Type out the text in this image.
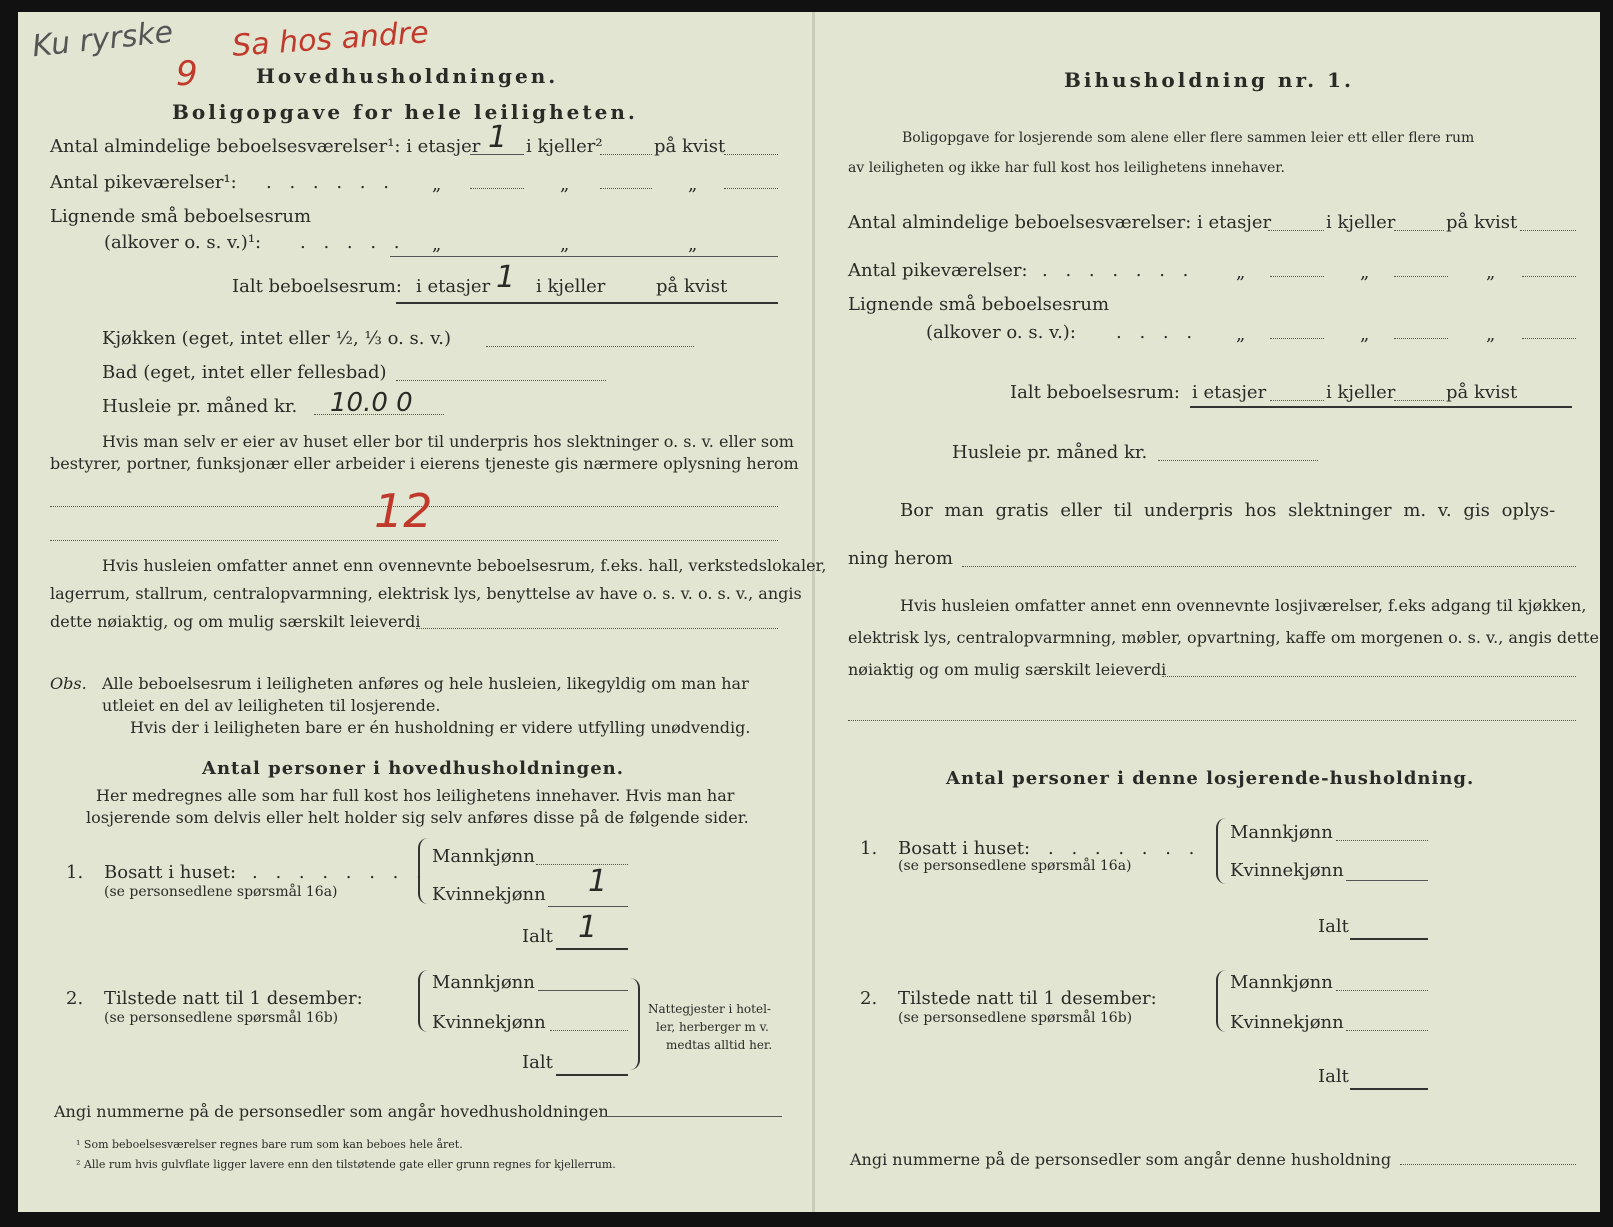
Ku ryrske Sa hos andre
9	Hovedhusholdningen.
Boligopgave for hele leiligheten.
Antal almindelige beboelsesværelser¹: i etasjer 1 i kjeller²	på kvist
Antal pikeværelser¹: . . . . . . „	„	„
Lignende små beboelsesrum
(alkover o. s. v.)¹: . . . . . „	„	„
Ialt beboelsesrum: i etasjer 1 i kjeller	på kvist
Kjøkken (eget, intet eller ½, ⅓ o. s. v.)
Bad (eget, intet eller fellesbad)
Husleie pr. måned kr. 10.0 0
Hvis man selv er eier av huset eller bor til underpris hos slektninger o. s. v. eller som
bestyrer, portner, funksjonær eller arbeider i eierens tjeneste gis nærmere oplysning herom
12
Hvis husleien omfatter annet enn ovennevnte beboelsesrum, f.eks. hall, verkstedslokaler,
lagerrum, stallrum, centralopvarmning, elektrisk lys, benyttelse av have o. s. v. o. s. v., angis
dette nøiaktig, og om mulig særskilt leieverdi
Obs. Alle beboelsesrum i leiligheten anføres og hele husleien, likegyldig om man har
utleiet en del av leiligheten til losjerende.
Hvis der i leiligheten bare er én husholdning er videre utfylling unødvendig.
Antal personer i hovedhusholdningen.
Her medregnes alle som har full kost hos leilighetens innehaver. Hvis man har
losjerende som delvis eller helt holder sig selv anføres disse på de følgende sider.
1. Bosatt i huset: . . . . . . . .
(se personsedlene spørsmål 16a)
Mannkjønn
Kvinnekjønn 1
Ialt 1
2. Tilstede natt til 1 desember:
(se personsedlene spørsmål 16b)
Mannkjønn
Kvinnekjønn
Ialt
Nattegjester i hotel-
ler, herberger m v.
medtas alltid her.
Angi nummerne på de personsedler som angår hovedhusholdningen
¹ Som beboelsesværelser regnes bare rum som kan beboes hele året.
² Alle rum hvis gulvflate ligger lavere enn den tilstøtende gate eller grunn regnes for kjellerrum.
Bihusholdning nr. 1.
Boligopgave for losjerende som alene eller flere sammen leier ett eller flere rum
av leiligheten og ikke har full kost hos leilighetens innehaver.
Antal almindelige beboelsesværelser: i etasjer	i kjeller	på kvist
Antal pikeværelser: . . . . . . . „	„	„
Lignende små beboelsesrum
(alkover o. s. v.): . . . . „	„	„
Ialt beboelsesrum: i etasjer	i kjeller	på kvist
Husleie pr. måned kr.
Bor man gratis eller til underpris hos slektninger m. v. gis oplys-
ning herom
Hvis husleien omfatter annet enn ovennevnte losjiværelser, f.eks adgang til kjøkken,
elektrisk lys, centralopvarmning, møbler, opvartning, kaffe om morgenen o. s. v., angis dette
nøiaktig og om mulig særskilt leieverdi
Antal personer i denne losjerende-husholdning.
1. Bosatt i huset: . . . . . . .
(se personsedlene spørsmål 16a)
Mannkjønn
Kvinnekjønn
Ialt
2. Tilstede natt til 1 desember:
(se personsedlene spørsmål 16b)
Mannkjønn
Kvinnekjønn
Ialt
Angi nummerne på de personsedler som angår denne husholdning
